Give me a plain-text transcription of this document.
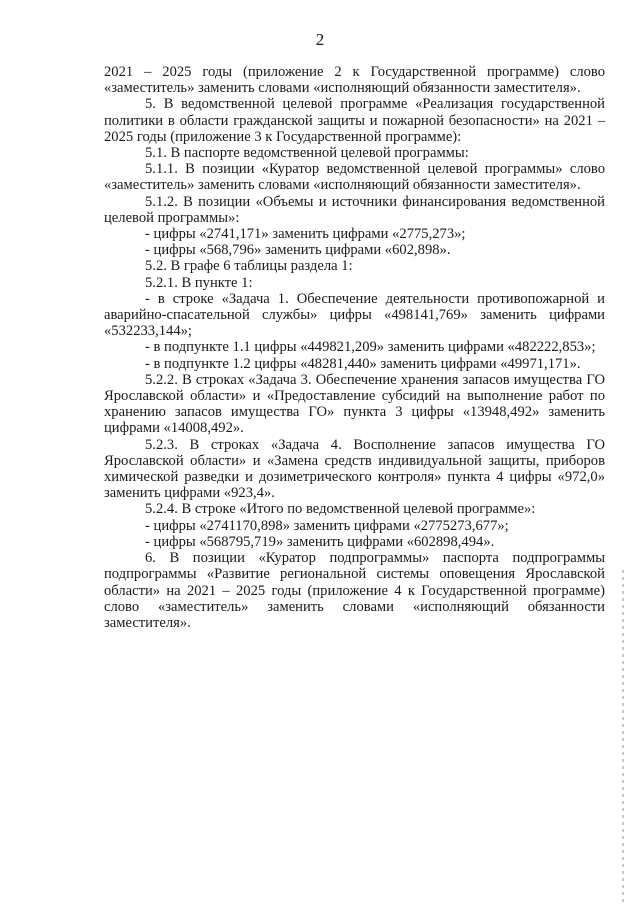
2

2021 – 2025 годы (приложение 2 к Государственной программе) слово «заместитель» заменить словами «исполняющий обязанности заместителя».

5. В ведомственной целевой программе «Реализация государственной политики в области гражданской защиты и пожарной безопасности» на 2021 – 2025 годы (приложение 3 к Государственной программе):

5.1. В паспорте ведомственной целевой программы:

5.1.1. В позиции «Куратор ведомственной целевой программы» слово «заместитель» заменить словами «исполняющий обязанности заместителя».

5.1.2. В позиции «Объемы и источники финансирования ведомственной целевой программы»:

- цифры «2741,171» заменить цифрами «2775,273»;

- цифры «568,796» заменить цифрами «602,898».

5.2. В графе 6 таблицы раздела 1:

5.2.1. В пункте 1:

- в строке «Задача 1. Обеспечение деятельности противопожарной и аварийно-спасательной службы» цифры «498141,769» заменить цифрами «532233,144»;

- в подпункте 1.1 цифры «449821,209» заменить цифрами «482222,853»;

- в подпункте 1.2 цифры «48281,440» заменить цифрами «49971,171».

5.2.2. В строках «Задача 3. Обеспечение хранения запасов имущества ГО Ярославской области» и «Предоставление субсидий на выполнение работ по хранению запасов имущества ГО» пункта 3 цифры «13948,492» заменить цифрами «14008,492».

5.2.3. В строках «Задача 4. Восполнение запасов имущества ГО Ярославской области» и «Замена средств индивидуальной защиты, приборов химической разведки и дозиметрического контроля» пункта 4 цифры «972,0» заменить цифрами «923,4».

5.2.4. В строке «Итого по ведомственной целевой программе»:

- цифры «2741170,898» заменить цифрами «2775273,677»;

- цифры «568795,719» заменить цифрами «602898,494».

6. В позиции «Куратор подпрограммы» паспорта подпрограммы подпрограммы «Развитие региональной системы оповещения Ярославской области» на 2021 – 2025 годы (приложение 4 к Государственной программе) слово «заместитель» заменить словами «исполняющий обязанности заместителя».
